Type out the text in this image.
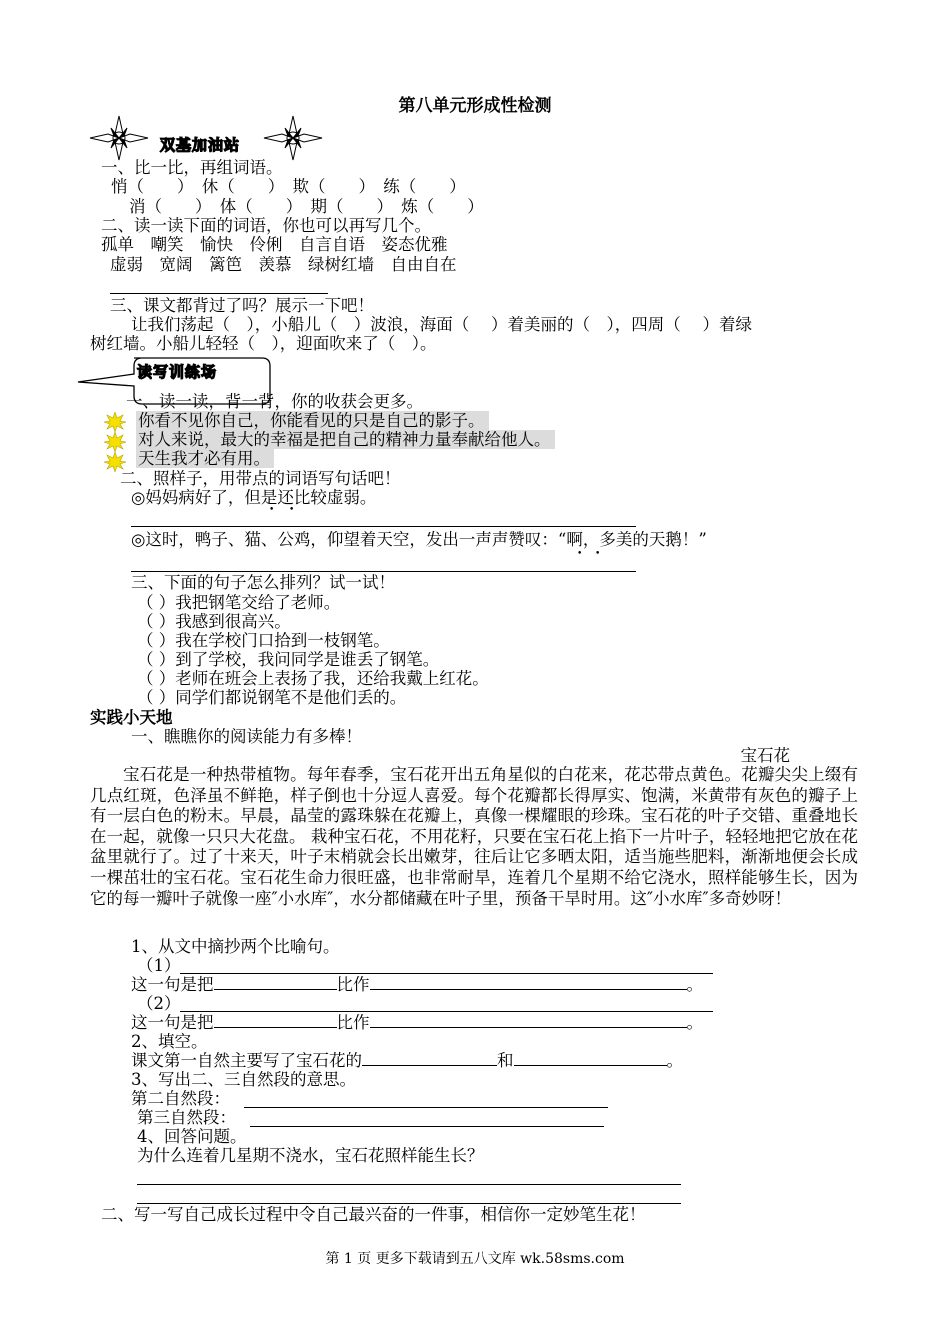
第八单元形成性检测
双基加油站
一、比一比，再组词语。
悄（　　）　休（　　）　欺（　　）　练（　　）
消（　　）　体（　　）　期（　　）　炼（　　）
二、读一读下面的词语，你也可以再写几个。
孤单　嘲笑　愉快　伶俐　自言自语　姿态优雅
虚弱　宽阔　篱笆　羡慕　绿树红墙　自由自在
三、课文都背过了吗？展示一下吧！
让我们荡起（　），小船儿（　）波浪，海面（　 ）着美丽的（　），四周（　 ）着绿
树红墙。小船儿轻轻（　），迎面吹来了（　）。
读写训练场
一、读一读，背一背，你的收获会更多。
你看不见你自己，你能看见的只是自己的影子。
对人来说，最大的幸福是把自己的精神力量奉献给他人。
天生我才必有用。
二、照样子，用带点的词语写句话吧！
◎妈妈病好了，但是还比较虚弱。
• •
◎这时，鸭子、猫、公鸡，仰望着天空，发出一声声赞叹：“啊，多美的天鹅！”
• •
三、下面的句子怎么排列？试一试！
（ ）我把钢笔交给了老师。
（ ）我感到很高兴。
（ ）我在学校门口拾到一枝钢笔。
（ ）到了学校，我问同学是谁丢了钢笔。
（ ）老师在班会上表扬了我，还给我戴上红花。
（ ）同学们都说钢笔不是他们丢的。
实践小天地
一、瞧瞧你的阅读能力有多棒！
宝石花
宝石花是一种热带植物。每年春季，宝石花开出五角星似的白花来，花芯带点黄色。花瓣尖尖上缀有几点红斑，色泽虽不鲜艳，样子倒也十分逗人喜爱。每个花瓣都长得厚实、饱满，米黄带有灰色的瓣子上有一层白色的粉末。早晨，晶莹的露珠躲在花瓣上，真像一棵耀眼的珍珠。宝石花的叶子交错、重叠地长在一起，就像一只只大花盘。 栽种宝石花，不用花籽，只要在宝石花上掐下一片叶子，轻轻地把它放在花盆里就行了。过了十来天，叶子末梢就会长出嫩芽，往后让它多晒太阳，适当施些肥料，渐渐地便会长成一棵茁壮的宝石花。宝石花生命力很旺盛，也非常耐旱，连着几个星期不给它浇水，照样能够生长，因为它的每一瓣叶子就像一座″小水库″，水分都储藏在叶子里，预备干旱时用。这″小水库″多奇妙呀！
1、从文中摘抄两个比喻句。
（1）
这一句是把	比作	。
（2）
这一句是把	比作	。
2、填空。
课文第一自然主要写了宝石花的	和	。
3、写出二、三自然段的意思。
第二自然段：
第三自然段：
4、回答问题。
为什么连着几星期不浇水，宝石花照样能生长？
二、写一写自己成长过程中令自己最兴奋的一件事，相信你一定妙笔生花！
第 1 页 更多下载请到五八文库 wk.58sms.com
